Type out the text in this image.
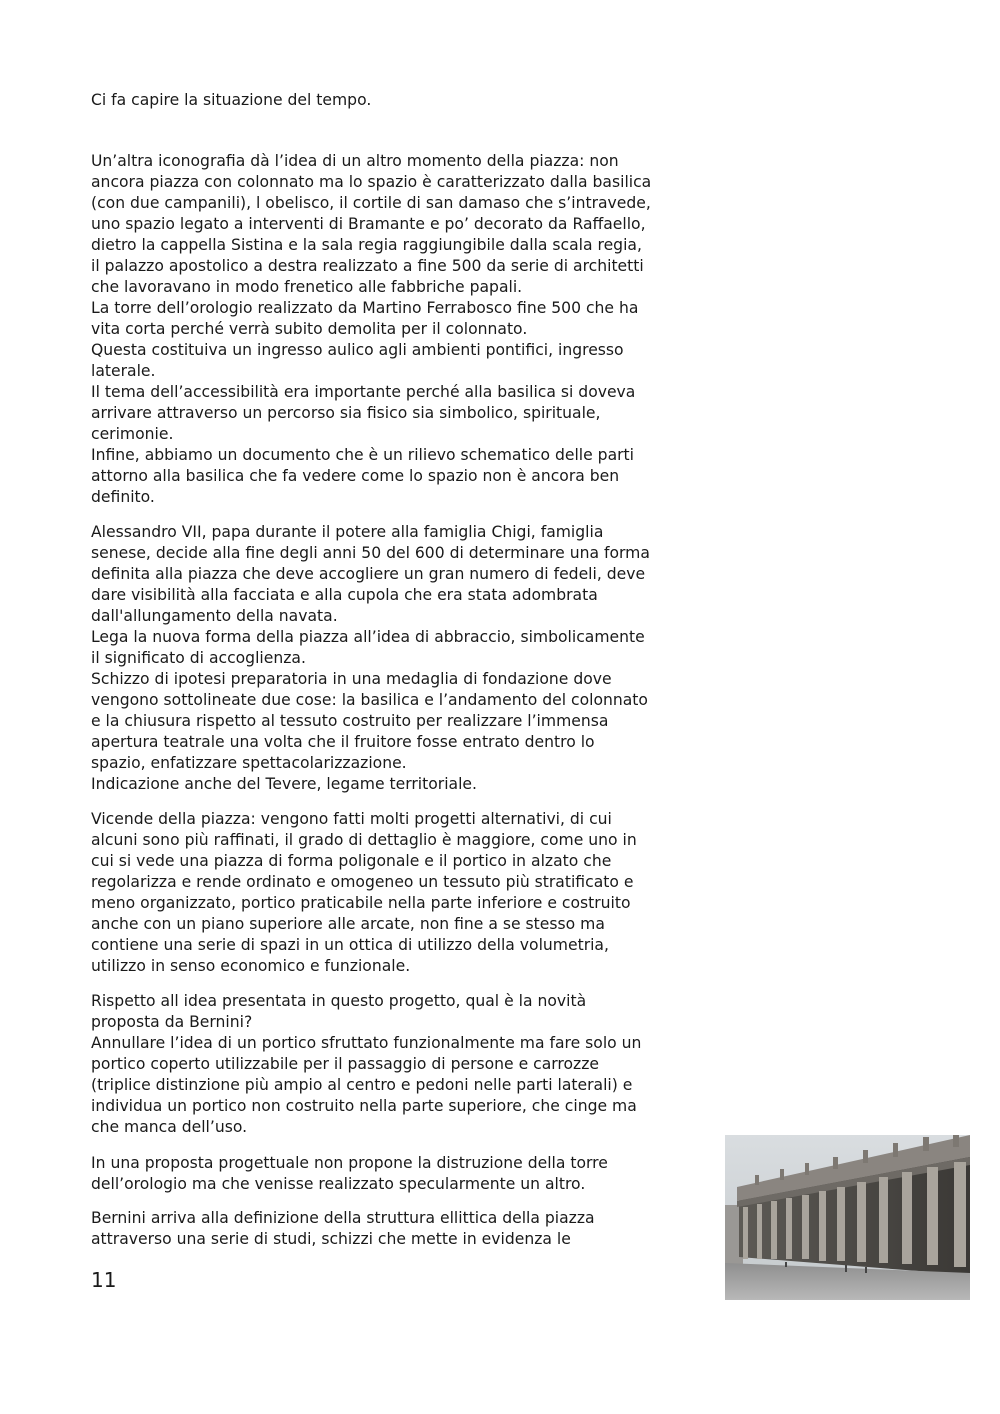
Ci fa capire la situazione del tempo.

Un’altra iconografia dà l’idea di un altro momento della piazza: non

ancora piazza con colonnato ma lo spazio è caratterizzato dalla basilica

(con due campanili), l obelisco, il cortile di san damaso che s’intravede,

uno spazio legato a interventi di Bramante e po’ decorato da Raffaello,

dietro la cappella Sistina e la sala regia raggiungibile dalla scala regia,

il palazzo apostolico a destra realizzato a fine 500 da serie di architetti

che lavoravano in modo frenetico alle fabbriche papali.

La torre dell’orologio realizzato da Martino Ferrabosco fine 500 che ha

vita corta perché verrà subito demolita per il colonnato.

Questa costituiva un ingresso aulico agli ambienti pontifici, ingresso

laterale.

Il tema dell’accessibilità era importante perché alla basilica si doveva

arrivare attraverso un percorso sia fisico sia simbolico, spirituale,

cerimonie.

Infine, abbiamo un documento che è un rilievo schematico delle parti

attorno alla basilica che fa vedere come lo spazio non è ancora ben

definito.

Alessandro VII, papa durante il potere alla famiglia Chigi, famiglia

senese, decide alla fine degli anni 50 del 600 di determinare una forma

definita alla piazza che deve accogliere un gran numero di fedeli, deve

dare visibilità alla facciata e alla cupola che era stata adombrata

dall'allungamento della navata.

Lega la nuova forma della piazza all’idea di abbraccio, simbolicamente

il significato di accoglienza.

Schizzo di ipotesi preparatoria in una medaglia di fondazione dove

vengono sottolineate due cose: la basilica e l’andamento del colonnato

e la chiusura rispetto al tessuto costruito per realizzare l’immensa

apertura teatrale una volta che il fruitore fosse entrato dentro lo

spazio, enfatizzare spettacolarizzazione.

Indicazione anche del Tevere, legame territoriale.

Vicende della piazza: vengono fatti molti progetti alternativi, di cui

alcuni sono più raffinati, il grado di dettaglio è maggiore, come uno in

cui si vede una piazza di forma poligonale e il portico in alzato che

regolarizza e rende ordinato e omogeneo un tessuto più stratificato e

meno organizzato, portico praticabile nella parte inferiore e costruito

anche con un piano superiore alle arcate, non fine a se stesso ma

contiene una serie di spazi in un ottica di utilizzo della volumetria,

utilizzo in senso economico e funzionale.

Rispetto all idea presentata in questo progetto, qual è la novità

proposta da Bernini?

Annullare l’idea di un portico sfruttato funzionalmente ma fare solo un

portico coperto utilizzabile per il passaggio di persone e carrozze

(triplice distinzione più ampio al centro e pedoni nelle parti laterali) e

individua un portico non costruito nella parte superiore, che cinge ma

che manca dell’uso.

In una proposta progettuale non propone la distruzione della torre

dell’orologio ma che venisse realizzato specularmente un altro.

Bernini arriva alla definizione della struttura ellittica della piazza

attraverso una serie di studi, schizzi che mette in evidenza le

11
